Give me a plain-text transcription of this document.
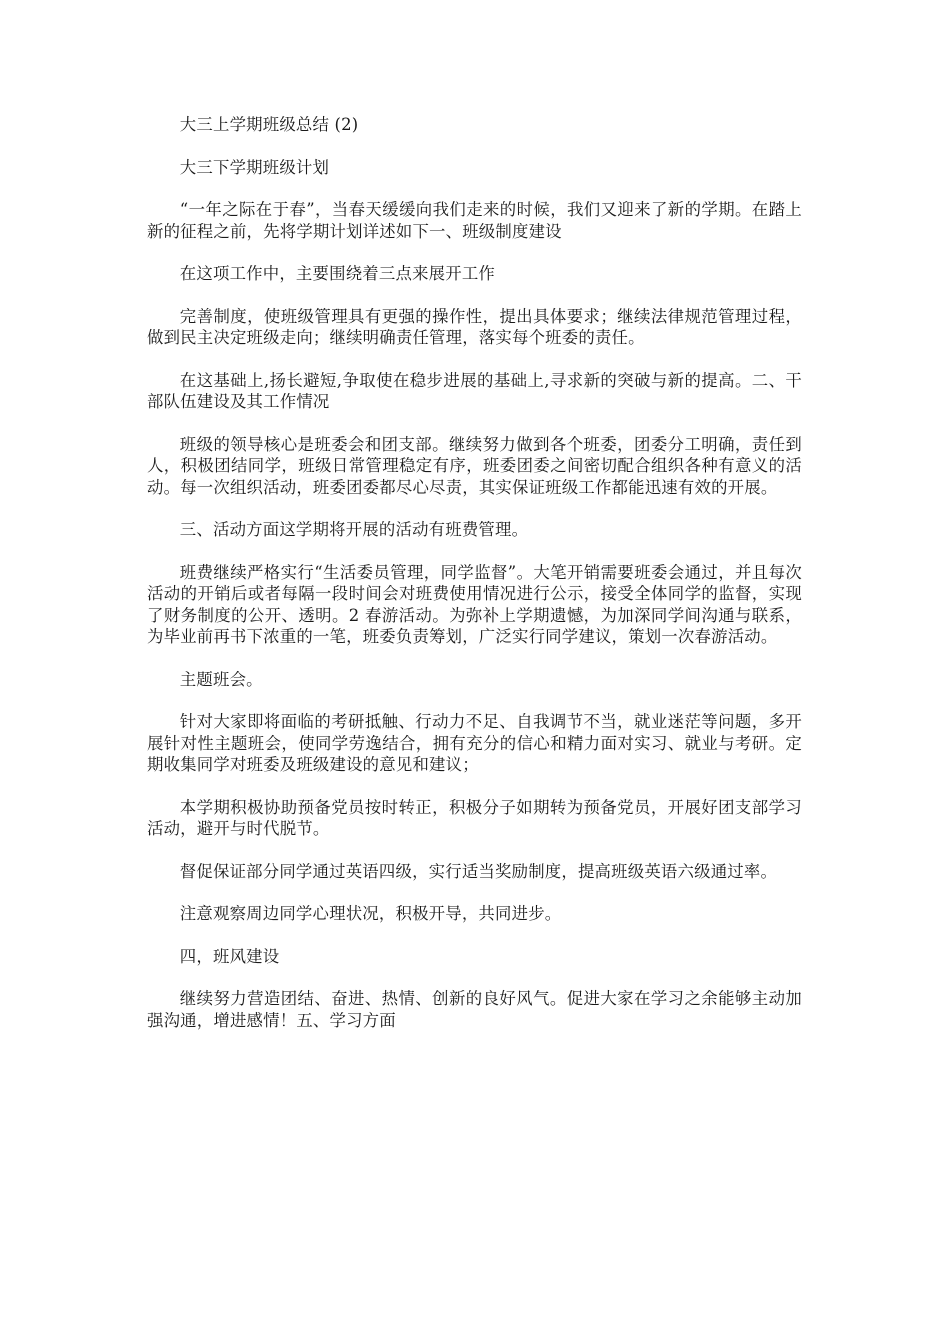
大三上学期班级总结 (2)

大三下学期班级计划

“一年之际在于春”，当春天缓缓向我们走来的时候，我们又迎来了新的学期。在踏上新的征程之前，先将学期计划详述如下一、班级制度建设

在这项工作中，主要围绕着三点来展开工作

完善制度，使班级管理具有更强的操作性，提出具体要求；继续法律规范管理过程，做到民主决定班级走向；继续明确责任管理，落实每个班委的责任。

在这基础上,扬长避短,争取使在稳步进展的基础上,寻求新的突破与新的提高。二、干部队伍建设及其工作情况

班级的领导核心是班委会和团支部。继续努力做到各个班委，团委分工明确，责任到人，积极团结同学，班级日常管理稳定有序，班委团委之间密切配合组织各种有意义的活动。每一次组织活动，班委团委都尽心尽责，其实保证班级工作都能迅速有效的开展。

三、活动方面这学期将开展的活动有班费管理。

班费继续严格实行“生活委员管理，同学监督”。大笔开销需要班委会通过，并且每次活动的开销后或者每隔一段时间会对班费使用情况进行公示，接受全体同学的监督，实现了财务制度的公开、透明。2 春游活动。为弥补上学期遗憾，为加深同学间沟通与联系，为毕业前再书下浓重的一笔，班委负责筹划，广泛实行同学建议，策划一次春游活动。

主题班会。

针对大家即将面临的考研抵触、行动力不足、自我调节不当，就业迷茫等问题，多开展针对性主题班会，使同学劳逸结合，拥有充分的信心和精力面对实习、就业与考研。定期收集同学对班委及班级建设的意见和建议；

本学期积极协助预备党员按时转正，积极分子如期转为预备党员，开展好团支部学习活动，避开与时代脱节。

督促保证部分同学通过英语四级，实行适当奖励制度，提高班级英语六级通过率。

注意观察周边同学心理状况，积极开导，共同进步。

四，班风建设

继续努力营造团结、奋进、热情、创新的良好风气。促进大家在学习之余能够主动加强沟通，增进感情！五、学习方面
